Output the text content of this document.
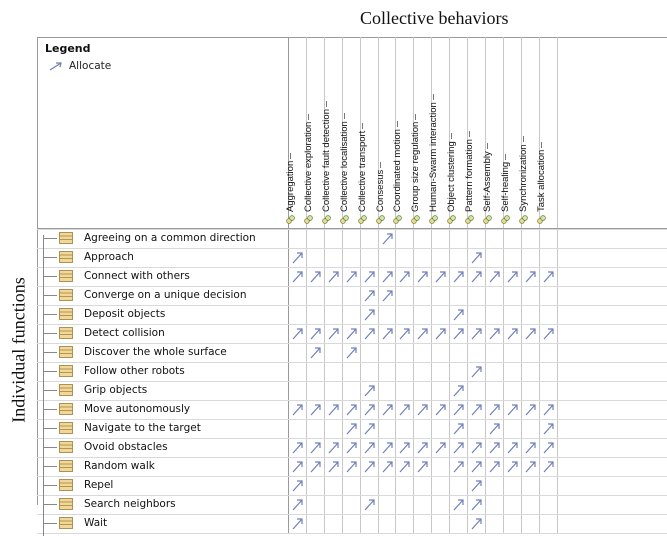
Collective behaviors
Individual functions
Legend
Allocate
Aggregation Collective exploration Collective fault detection Collective localisation Collective transport Consesus Coordinated motion Group size regulation Human-Swarm interaction Object clustering Pattern formation Self-Assembly Self-healing Synchronization Task allocation
Agreeing on a common direction
Approach
Connect with others
Converge on a unique decision
Deposit objects
Detect collision
Discover the whole surface
Follow other robots
Grip objects
Move autonomously
Navigate to the target
Ovoid obstacles
Random walk
Repel
Search neighbors
Wait
